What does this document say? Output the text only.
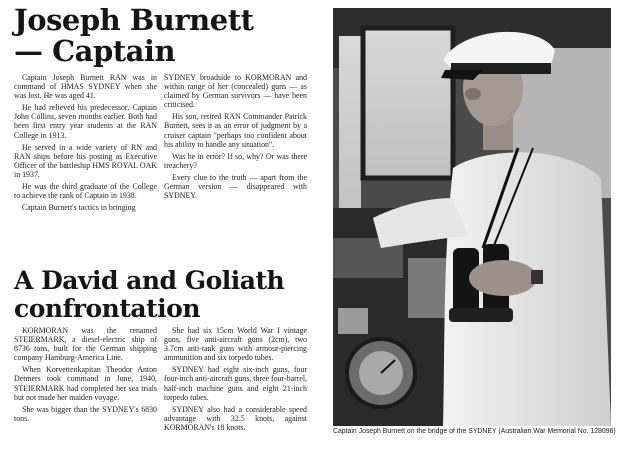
Joseph Burnett
— Captain

Captain Joseph Burnett RAN was in command of HMAS SYDNEY when she was lost. He was aged 41.

He had relieved his predecessor, Captain John Collins, seven months earlier. Both had been first entry year students at the RAN College in 1913.

He served in a wide variety of RN and RAN ships before his posting as Executive Officer of the battleship HMS ROYAL OAK in 1937.

He was the third graduate of the College to achieve the rank of Captain in 1938.

Captain Burnett's tactics in bringing

SYDNEY broadside to KORMORAN and within range of her (concealed) guns — as claimed by German survivors — have been criticised.

His son, retired RAN Commander Patrick Burnett, sees it as an error of judgment by a cruiser captain "perhaps too confident about his ability to handle any situation".

Was he in error? If so, why? Or was there treachery?

Every clue to the truth — apart from the German version — disappeared with SYDNEY.

A David and Goliath
confrontation

KORMORAN was the renamed STEIERMARK, a diesel-electric ship of 8736 tons, built for the German shipping company Hamburg-America Line.

When Korvettenkapitan Theodor Anton Detmers took command in June, 1940, STEIERMARK had completed her sea trials but not made her maiden voyage.

She was bigger than the SYDNEY's 6830 tons.

She had six 15cm World War I vintage guns, five anti-aircraft guns (2cm), two 3.7cm anti-tank guns with armour-piercing ammunition and six torpedo tubes.

SYDNEY had eight six-inch guns, four four-inch anti-aircraft guns, three four-barrel, half-inch machine guns and eight 21-inch torpedo tubes.

SYDNEY also had a considerable speed advantage with 32.5 knots, against KORMORAN's 18 knots.	Captain Joseph Burnett on the bridge of the SYDNEY (Australian War Memorial No. 128096)
